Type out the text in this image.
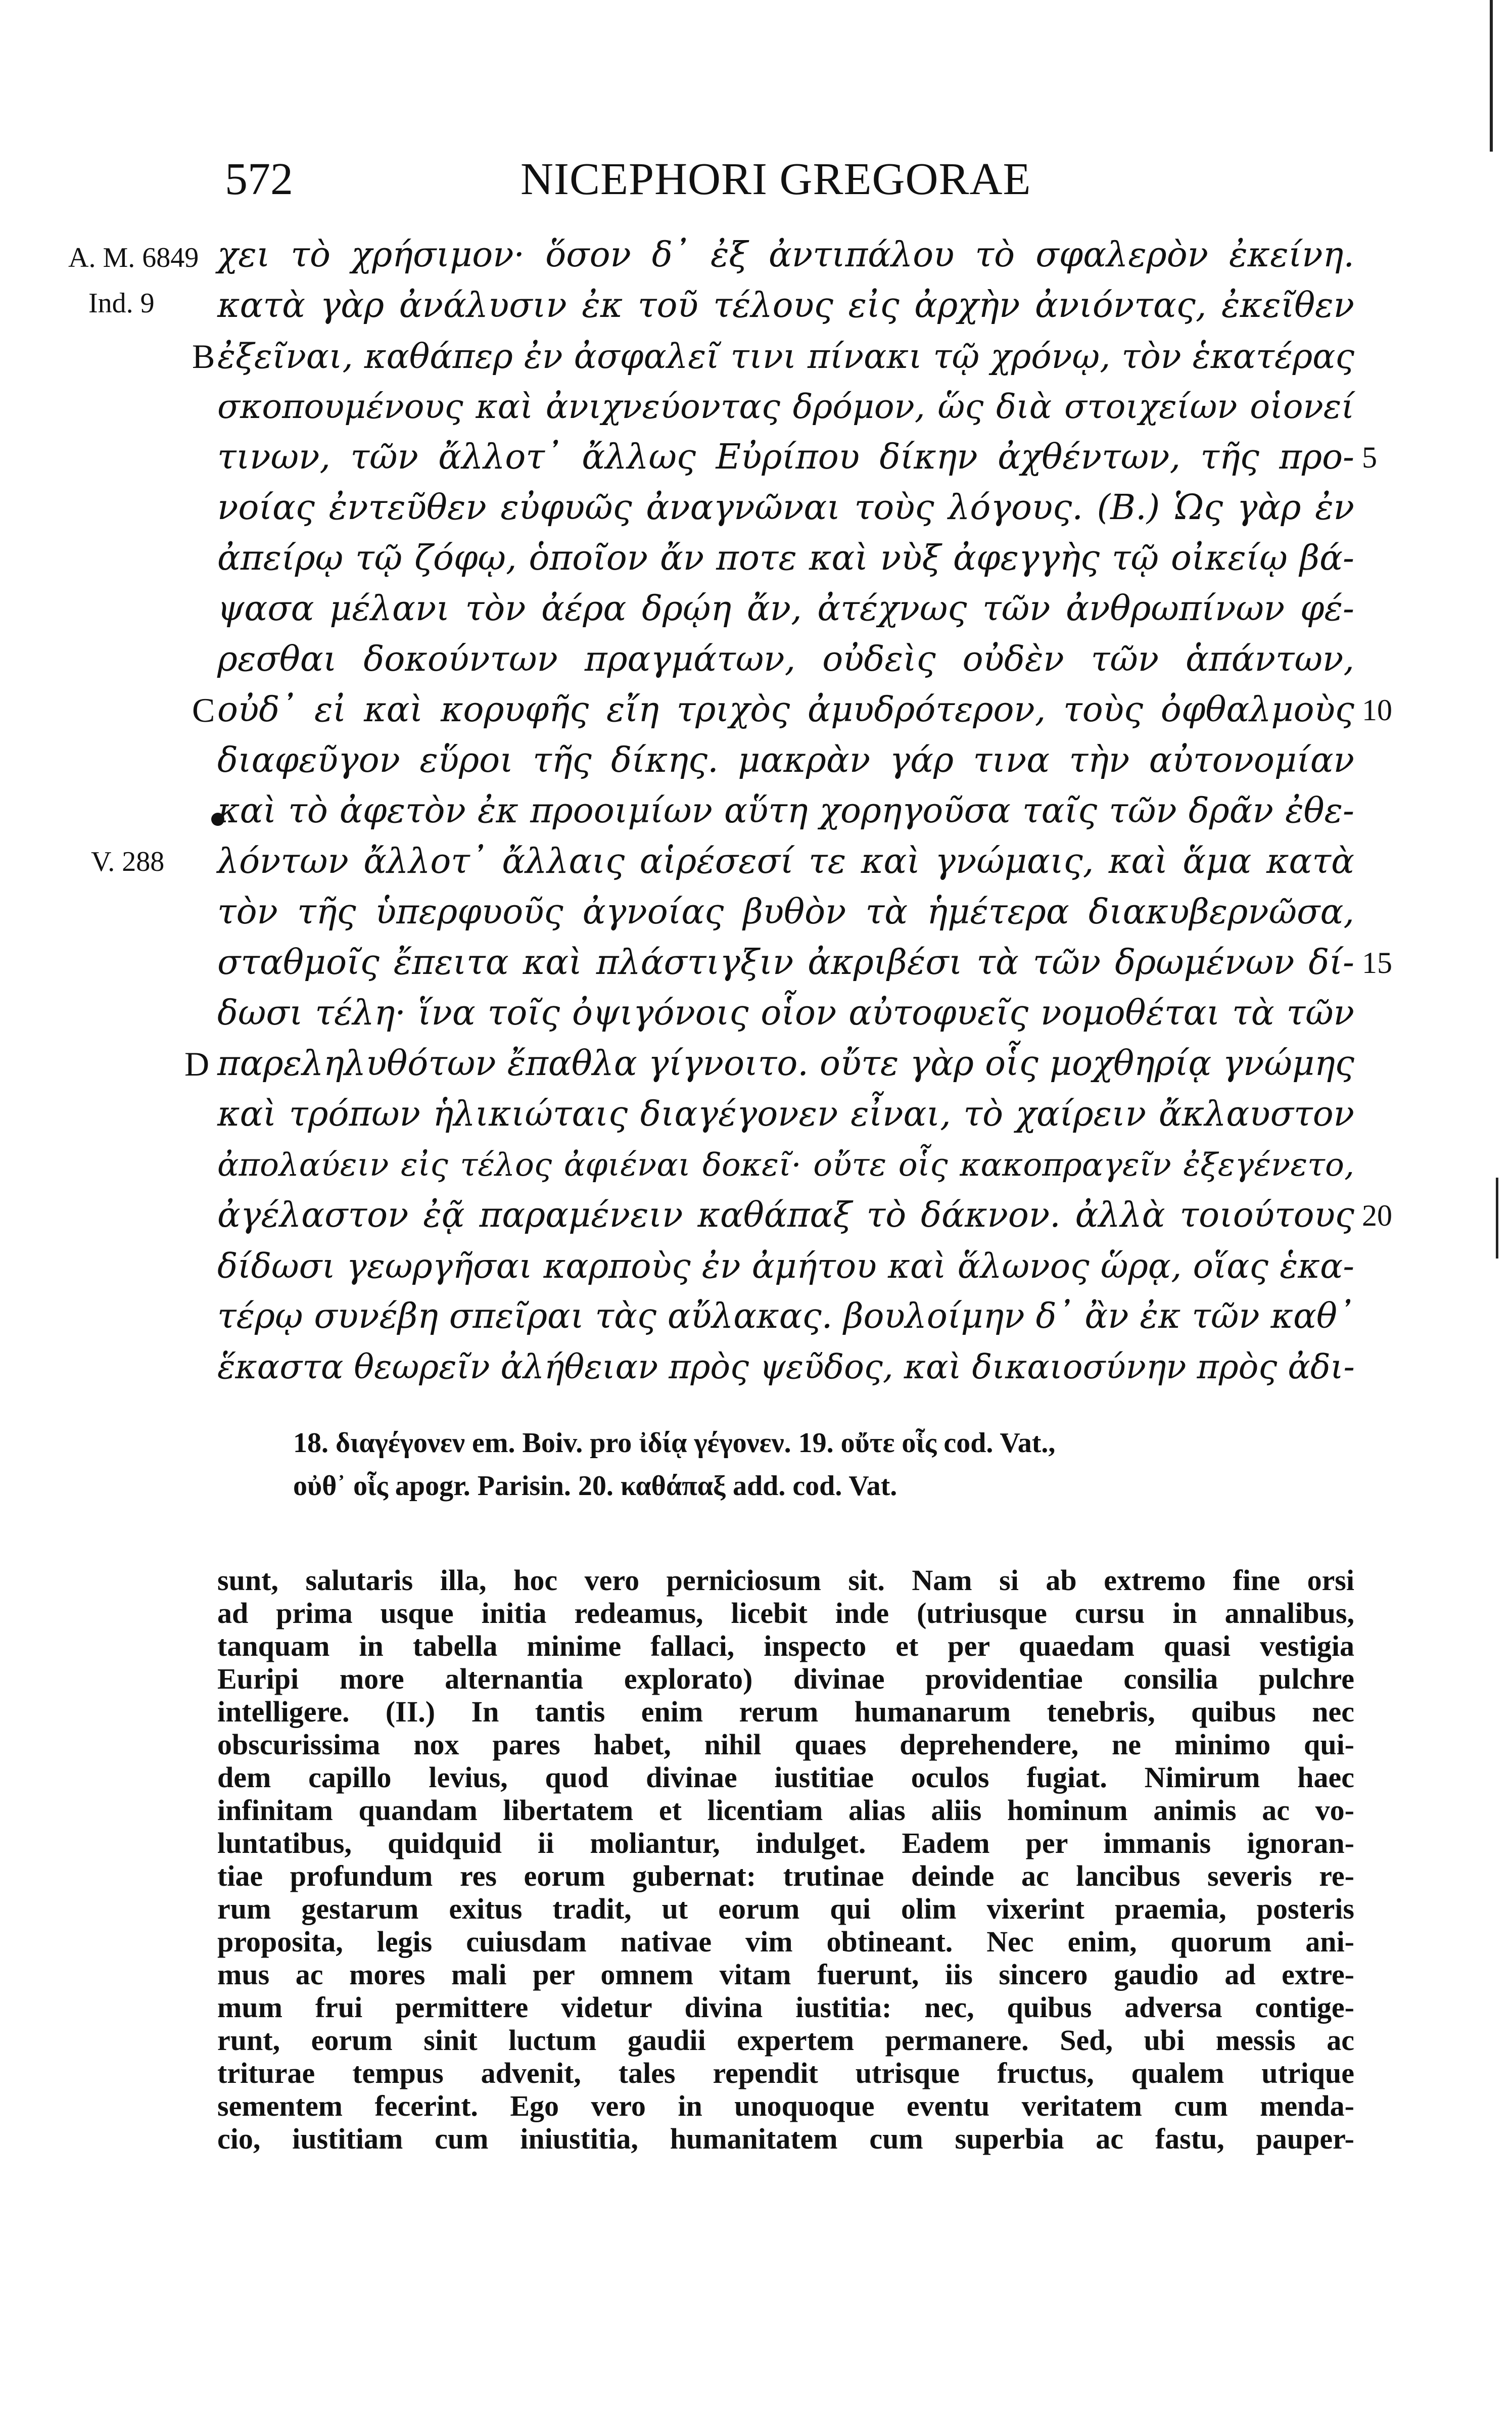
572	NICEPHORI GREGORAE
A. M. 6849
Ind. 9
B
C
V. 288
D
5
10
15
20
χει τὸ χρήσιμον· ὅσον δ᾽ ἐξ ἀντιπάλου τὸ σφαλερὸν ἐκείνη.
κατὰ γὰρ ἀνάλυσιν ἐκ τοῦ τέλους εἰς ἀρχὴν ἀνιόντας, ἐκεῖθεν
ἐξεῖναι, καθάπερ ἐν ἀσφαλεῖ τινι πίνακι τῷ χρόνῳ, τὸν ἑκατέρας
σκοπουμένους καὶ ἀνιχνεύοντας δρόμον, ὥς διὰ στοιχείων οἱονεί
τινων, τῶν ἄλλοτ᾽ ἄλλως Εὐρίπου δίκην ἀχθέντων, τῆς προ-
νοίας ἐντεῦθεν εὐφυῶς ἀναγνῶναι τοὺς λόγους. (Β.) Ὡς γὰρ ἐν
ἀπείρῳ τῷ ζόφῳ, ὁποῖον ἄν ποτε καὶ νὺξ ἀφεγγὴς τῷ οἰκείῳ βά-
ψασα μέλανι τὸν ἀέρα δρῴη ἄν, ἀτέχνως τῶν ἀνθρωπίνων φέ-
ρεσθαι δοκούντων πραγμάτων, οὐδεὶς οὐδὲν τῶν ἁπάντων,
οὐδ᾽ εἰ καὶ κορυφῆς εἴη τριχὸς ἀμυδρότερον, τοὺς ὀφθαλμοὺς
διαφεῦγον εὕροι τῆς δίκης. μακρὰν γάρ τινα τὴν αὐτονομίαν
καὶ τὸ ἀφετὸν ἐκ προοιμίων αὕτη χορηγοῦσα ταῖς τῶν δρᾶν ἐθε-
λόντων ἄλλοτ᾽ ἄλλαις αἱρέσεσί τε καὶ γνώμαις, καὶ ἅμα κατὰ
τὸν τῆς ὑπερφυοῦς ἀγνοίας βυθὸν τὰ ἡμέτερα διακυβερνῶσα,
σταθμοῖς ἔπειτα καὶ πλάστιγξιν ἀκριβέσι τὰ τῶν δρωμένων δί-
δωσι τέλη· ἵνα τοῖς ὀψιγόνοις οἷον αὐτοφυεῖς νομοθέται τὰ τῶν
παρεληλυθότων ἔπαθλα γίγνοιτο. οὔτε γὰρ οἷς μοχθηρίᾳ γνώμης
καὶ τρόπων ἡλικιώταις διαγέγονεν εἶναι, τὸ χαίρειν ἄκλαυστον
ἀπολαύειν εἰς τέλος ἀφιέναι δοκεῖ· οὔτε οἷς κακοπραγεῖν ἐξεγένετο,
ἀγέλαστον ἐᾷ παραμένειν καθάπαξ τὸ δάκνον. ἀλλὰ τοιούτους
δίδωσι γεωργῆσαι καρποὺς ἐν ἀμήτου καὶ ἅλωνος ὥρᾳ, οἵας ἑκα-
τέρῳ συνέβη σπεῖραι τὰς αὔλακας. βουλοίμην δ᾽ ἂν ἐκ τῶν καθ᾽
ἕκαστα θεωρεῖν ἀλήθειαν πρὸς ψεῦδος, καὶ δικαιοσύνην πρὸς ἀδι-
18. διαγέγονεν em. Boiv. pro ἰδίᾳ γέγονεν. 19. οὔτε οἷς cod. Vat.,
οὐθ᾽ οἷς apogr. Parisin. 20. καθάπαξ add. cod. Vat.
sunt, salutaris illa, hoc vero perniciosum sit. Nam si ab extremo fine orsi
ad prima usque initia redeamus, licebit inde (utriusque cursu in annalibus,
tanquam in tabella minime fallaci, inspecto et per quaedam quasi vestigia
Euripi more alternantia explorato) divinae providentiae consilia pulchre
intelligere. (II.) In tantis enim rerum humanarum tenebris, quibus nec
obscurissima nox pares habet, nihil quaes deprehendere, ne minimo qui-
dem capillo levius, quod divinae iustitiae oculos fugiat. Nimirum haec
infinitam quandam libertatem et licentiam alias aliis hominum animis ac vo-
luntatibus, quidquid ii moliantur, indulget. Eadem per immanis ignoran-
tiae profundum res eorum gubernat: trutinae deinde ac lancibus severis re-
rum gestarum exitus tradit, ut eorum qui olim vixerint praemia, posteris
proposita, legis cuiusdam nativae vim obtineant. Nec enim, quorum ani-
mus ac mores mali per omnem vitam fuerunt, iis sincero gaudio ad extre-
mum frui permittere videtur divina iustitia: nec, quibus adversa contige-
runt, eorum sinit luctum gaudii expertem permanere. Sed, ubi messis ac
triturae tempus advenit, tales rependit utrisque fructus, qualem utrique
sementem fecerint. Ego vero in unoquoque eventu veritatem cum menda-
cio, iustitiam cum iniustitia, humanitatem cum superbia ac fastu, pauper-
